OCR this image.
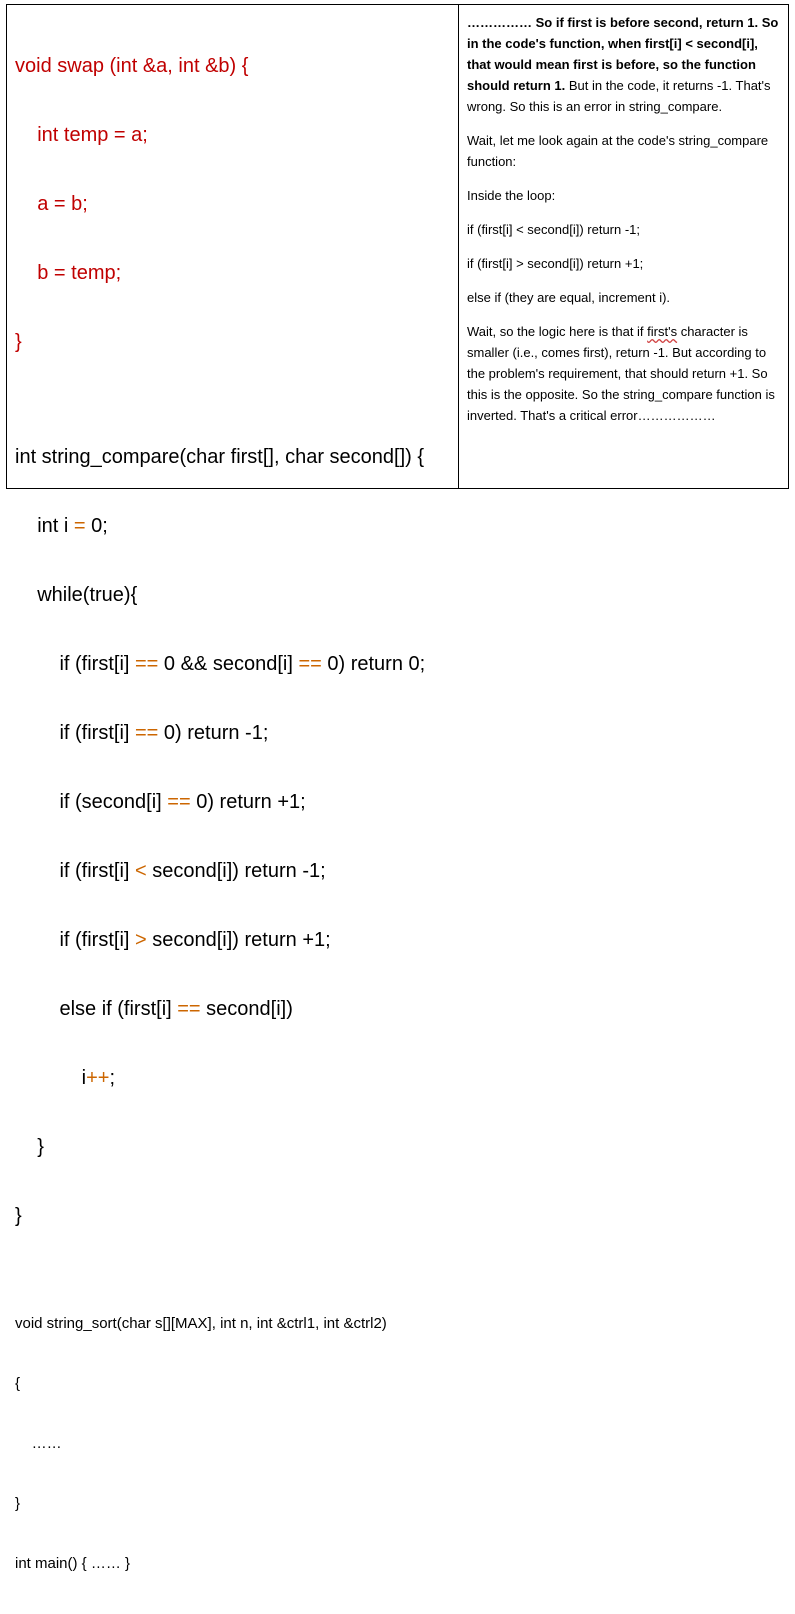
void swap (int &a, int &b) {

int temp = a;

a = b;

b = temp;

}

int string_compare(char first[], char second[]) {

int i = 0;

while(true){

if (first[i] == 0 && second[i] == 0) return 0;

if (first[i] == 0) return -1;

if (second[i] == 0) return +1;

if (first[i] < second[i]) return -1;

if (first[i] > second[i]) return +1;

else if (first[i] == second[i])

i++;

}

}

void string_sort(char s[][MAX], int n, int &ctrl1, int &ctrl2)

{

……

}

int main() { …… }

…………… So if first is before second, return 1. So in the code's function, when first[i] < second[i], that would mean first is before, so the function should return 1. But in the code, it returns -1. That's wrong. So this is an error in string_compare.

Wait, let me look again at the code's string_compare function:

Inside the loop:

if (first[i] < second[i]) return -1;

if (first[i] > second[i]) return +1;

else if (they are equal, increment i).

Wait, so the logic here is that if first's character is smaller (i.e., comes first), return -1. But according to the problem's requirement, that should return +1. So this is the opposite. So the string_compare function is inverted. That's a critical error………………
